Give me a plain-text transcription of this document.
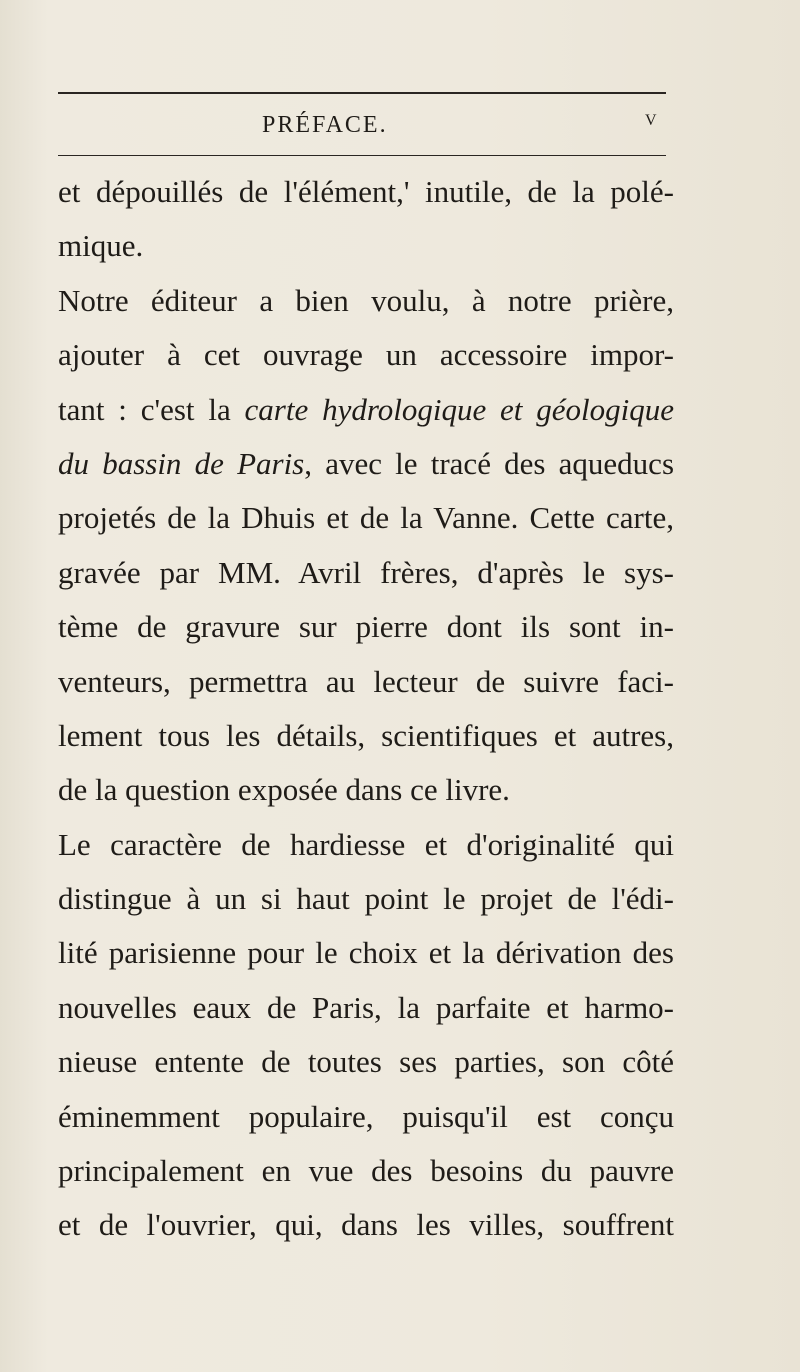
PRÉFACE.	V
et dépouillés de l'élément,' inutile, de la polé-
mique.
Notre éditeur a bien voulu, à notre prière,
ajouter à cet ouvrage un accessoire impor-
tant : c'est la carte hydrologique et géologique
du bassin de Paris, avec le tracé des aqueducs
projetés de la Dhuis et de la Vanne. Cette carte,
gravée par MM. Avril frères, d'après le sys-
tème de gravure sur pierre dont ils sont in-
venteurs, permettra au lecteur de suivre faci-
lement tous les détails, scientifiques et autres,
de la question exposée dans ce livre.
Le caractère de hardiesse et d'originalité qui
distingue à un si haut point le projet de l'édi-
lité parisienne pour le choix et la dérivation des
nouvelles eaux de Paris, la parfaite et harmo-
nieuse entente de toutes ses parties, son côté
éminemment populaire, puisqu'il est conçu
principalement en vue des besoins du pauvre
et de l'ouvrier, qui, dans les villes, souffrent
